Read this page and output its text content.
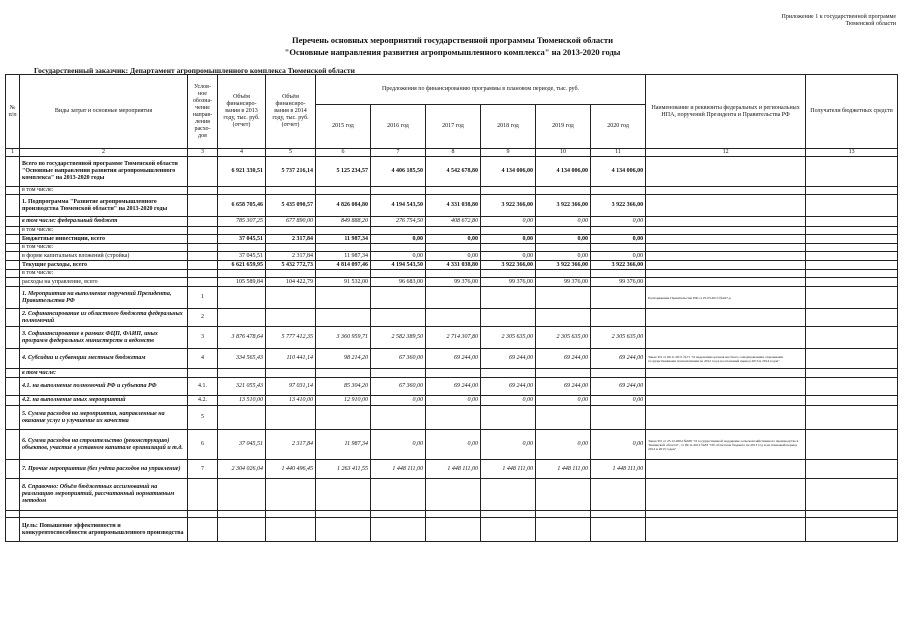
Приложение 1 к государственной программе
Тюменской области
Перечень основных мероприятий государственной программы Тюменской области
"Основные направления развития агропромышленного комплекса" на 2013-2020 годы
Государственный заказчик: Департамент агропромышленного комплекса Тюменской области
№ п/п	Виды затрат и основные мероприятия	Услов- ное обозна- чение направ- ления расхо- дов	Объём финансиро- вания в 2013 году, тыс. руб. (отчет)	Объём финансиро- вания в 2014 году, тыс. руб. (отчет)	Предложения по финансированию программы в плановом периоде, тыс. руб.						Наименование и реквизиты федеральных и региональных НПА, поручений Президента и Правительства РФ	Получатели бюджетных средств
					2015 год	2016 год	2017 год	2018 год	2019 год	2020 год		
1	2	3	4	5	6	7	8	9	10	11	12	13
	Всего по государственной программе Тюменской области "Основные направления развития агропромышленного комплекса" на 2013-2020 годы		6 921 330,51	5 737 216,14	5 125 234,57	4 406 185,50	4 542 678,80	4 134 006,00	4 134 006,00	4 134 006,00		
	в том числе:											
	1. Подпрограмма "Развитие агропромышленного производства Тюменской области" на 2013-2020 годы		6 658 705,46	5 435 090,57	4 826 084,80	4 194 543,50	4 331 038,80	3 922 366,00	3 922 366,00	3 922 366,00		
	в том числе: федеральный бюджет		785 307,25	677 890,00	849 888,20	276 754,50	408 672,80	0,00	0,00	0,00		
	в том числе:											
	Бюджетные инвестиции, всего		37 045,51	2 317,84	11 987,34	0,00	0,00	0,00	0,00	0,00		
	в том числе:											
	в форме капитальных вложений (стройка)		37 045,51	2 317,84	11 987,34	0,00	0,00	0,00	0,00	0,00		
	Текущие расходы, всего		6 621 659,95	5 432 772,73	4 814 097,46	4 194 543,50	4 331 038,80	3 922 366,00	3 922 366,00	3 922 366,00		
	в том числе:											
	расходы на управление, всего		105 589,84	104 422,79	91 532,00	96 683,00	99 376,00	99 376,00	99 376,00	99 376,00		
	1. Мероприятия на выполнение поручений Президента, Правительства РФ	1									Распоряжение Правительства РФ от 25.03.2013 №427-р	
	2. Софинансирование из областного бюджета федеральных полномочий	2										
	3. Софинансирование в рамках ФЦП, ФАИП, иных программ федеральных министерств и ведомств	3	3 876 478,64	5 777 412,35	3 360 959,71	2 582 389,50	2 714 307,80	2 305 635,00	2 305 635,00	2 305 635,00		
	4. Субсидии и субвенции местным бюджетам	4	334 565,43	110 441,14	98 214,20	67 360,00	69 244,00	69 244,00	69 244,00	69 244,00	Закон ТО от 09.11.2011 №71 "О наделении органов местного самоуправления отдельными государственными полномочиями на 2012 год и на плановый период 2013 и 2014 годов"	
	в том числе:											
	4.1. на выполнение полномочий РФ и субъекта РФ	4.1.	321 055,43	97 031,14	85 304,20	67 360,00	69 244,00	69 244,00	69 244,00	69 244,00		
	4.2. на выполнение иных мероприятий	4.2.	13 510,00	13 410,00	12 910,00	0,00	0,00	0,00	0,00	0,00		
	5. Сумма расходов на мероприятия, направленные на оказание услуг и улучшение их качества	5										
	6. Сумма расходов на строительство (реконструкцию) объектов, участие в уставном капитале организаций и т.д.	6	37 045,51	2 317,84	11 987,34	0,00	0,00	0,00	0,00	0,00	Закон ТО от 25.12.2004 №605 "О государственной поддержке сельскохозяйственного производства в Тюменской области", от 09.11.2012 №83 "Об областном бюджете на 2013 год и на плановый период 2014 и 2015 годов"	
	7. Прочие мероприятия (без учёта расходов на управление)	7	2 304 026,04	1 440 496,45	1 263 411,55	1 448 111,00	1 448 111,00	1 448 111,00	1 448 111,00	1 448 111,00		
	8. Справочно: Объём бюджетных ассигнований на реализацию мероприятий, рассчитанный нормативным методом											

	Цель: Повышение эффективности и конкурентоспособности агропромышленного производства											
